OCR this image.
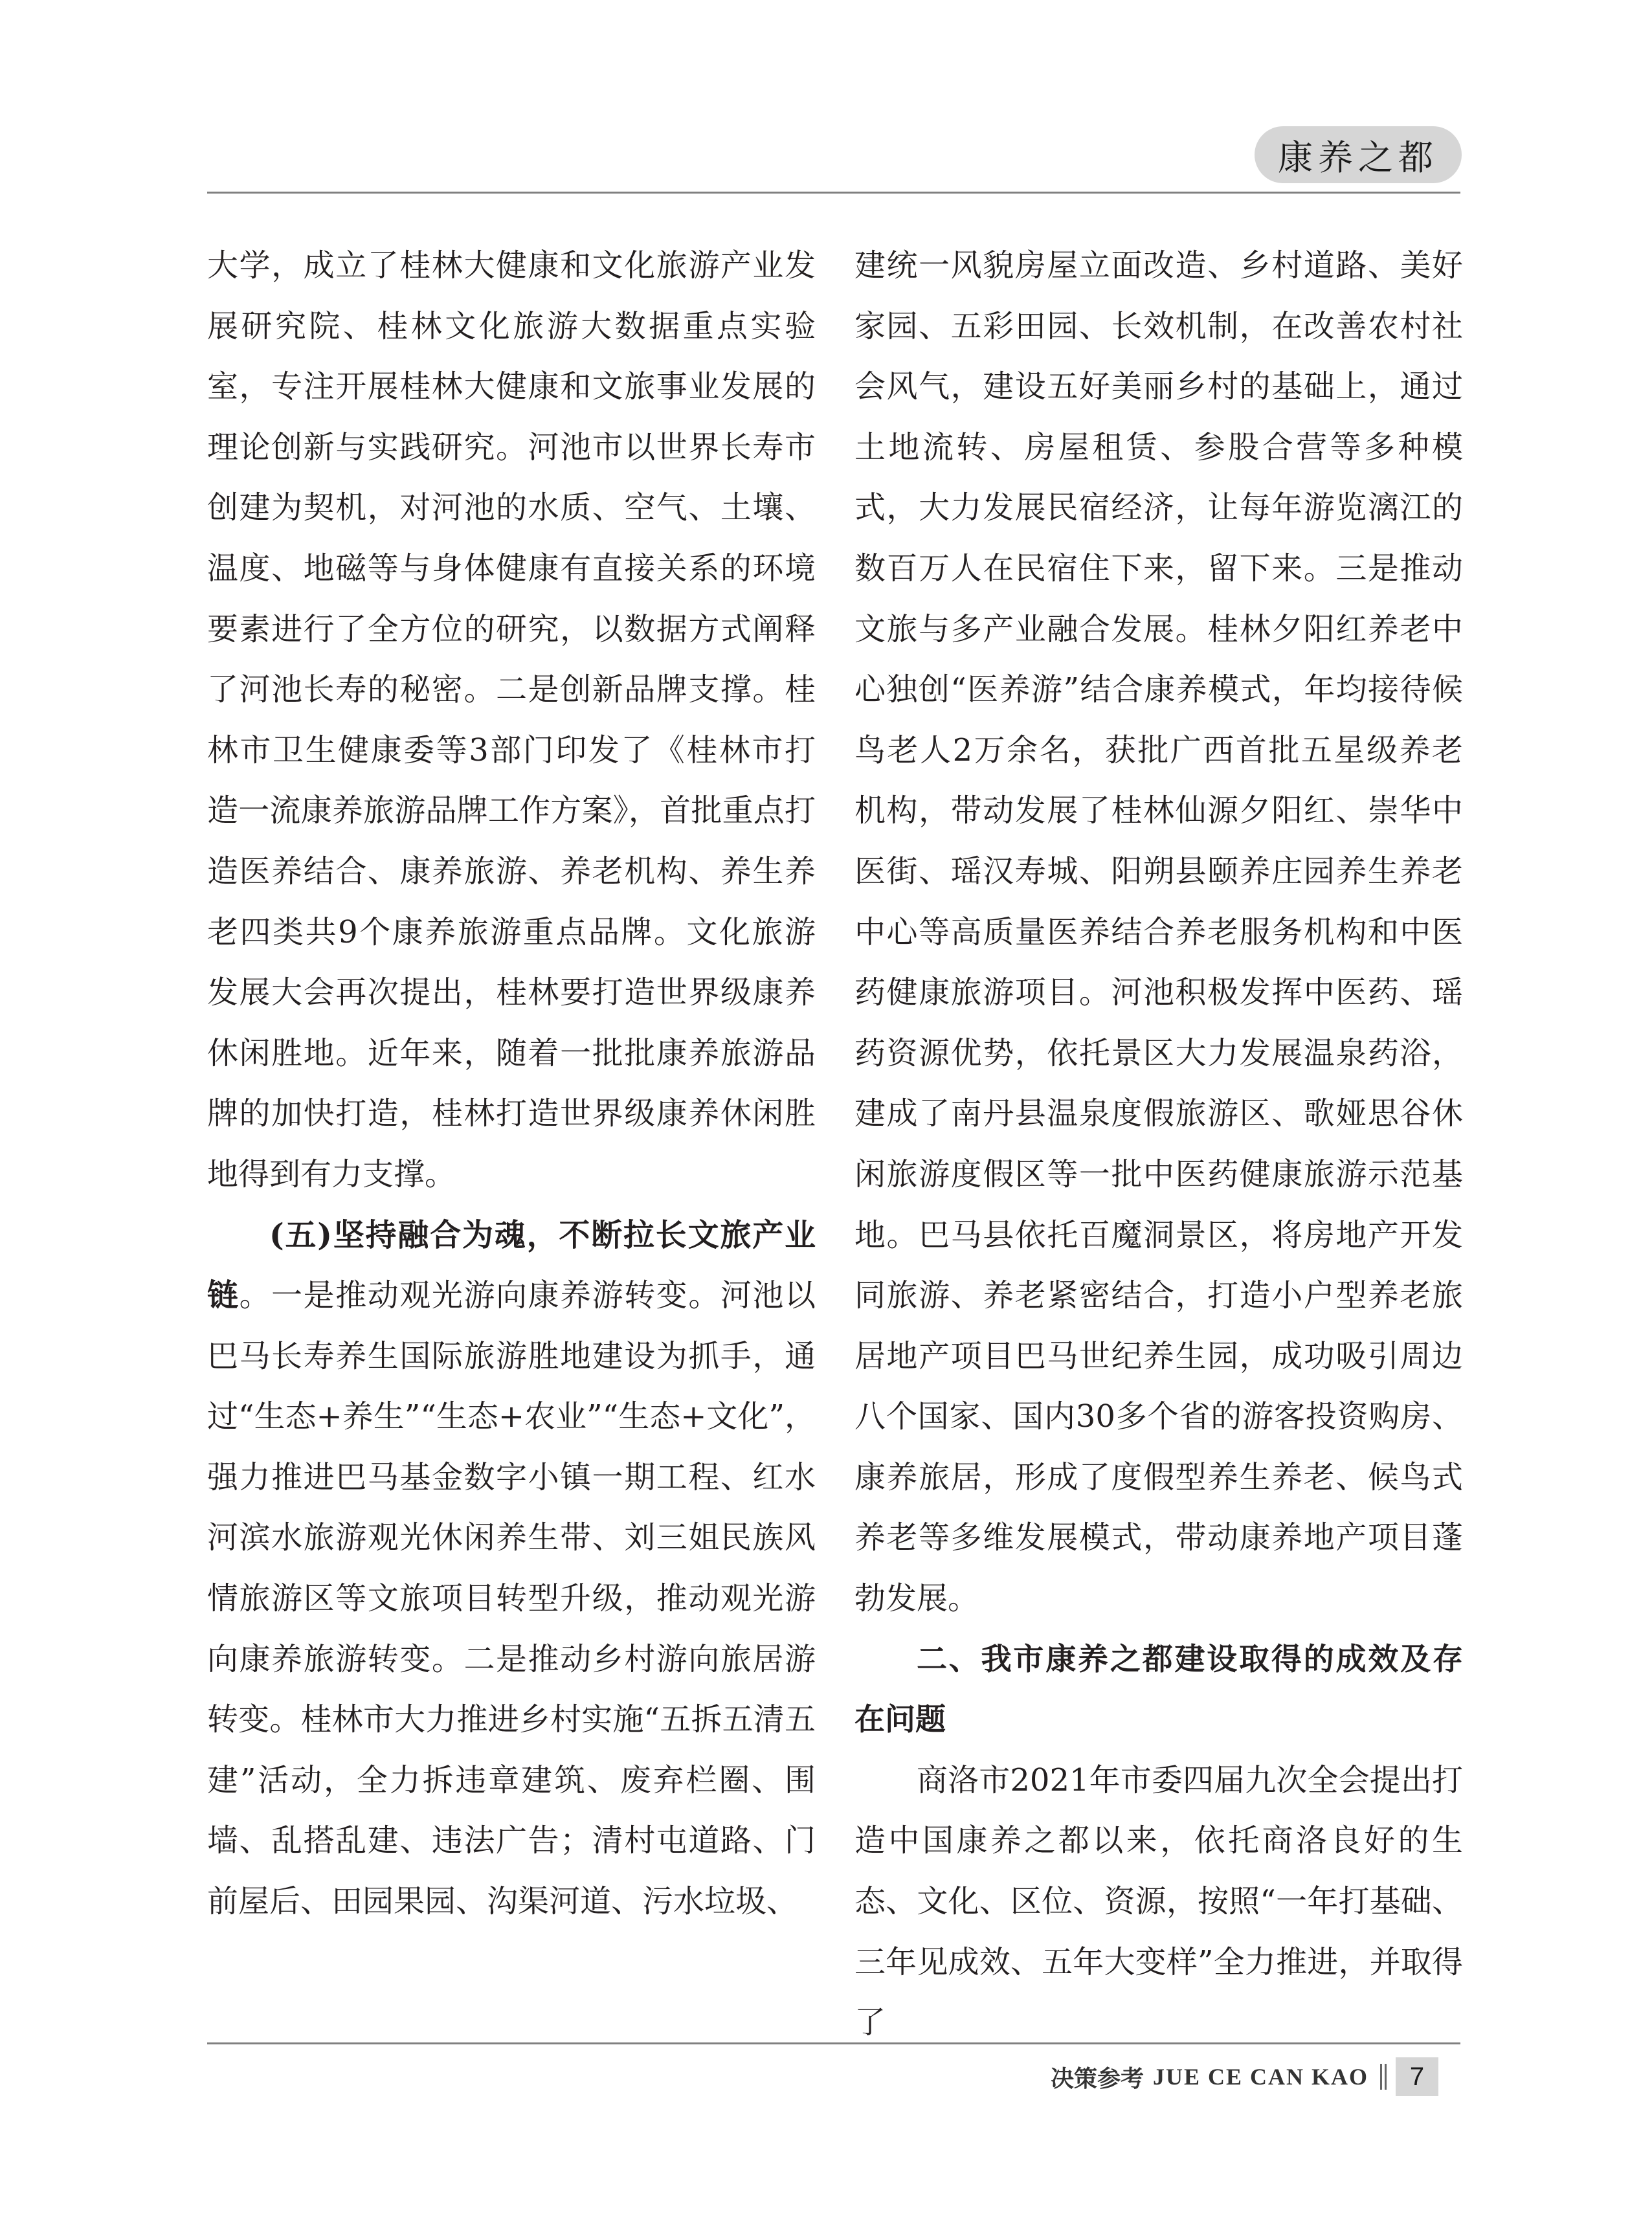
康养之都

大学，成立了桂林大健康和文化旅游产业发展研究院、桂林文化旅游大数据重点实验室，专注开展桂林大健康和文旅事业发展的理论创新与实践研究。河池市以世界长寿市创建为契机，对河池的水质、空气、土壤、温度、地磁等与身体健康有直接关系的环境要素进行了全方位的研究，以数据方式阐释了河池长寿的秘密。二是创新品牌支撑。桂林市卫生健康委等3部门印发了《桂林市打造一流康养旅游品牌工作方案》，首批重点打造医养结合、康养旅游、养老机构、养生养老四类共9个康养旅游重点品牌。文化旅游发展大会再次提出，桂林要打造世界级康养休闲胜地。近年来，随着一批批康养旅游品牌的加快打造，桂林打造世界级康养休闲胜地得到有力支撑。

(五)坚持融合为魂，不断拉长文旅产业链。一是推动观光游向康养游转变。河池以巴马长寿养生国际旅游胜地建设为抓手，通过“生态+养生”“生态+农业”“生态+文化”，强力推进巴马基金数字小镇一期工程、红水河滨水旅游观光休闲养生带、刘三姐民族风情旅游区等文旅项目转型升级，推动观光游向康养旅游转变。二是推动乡村游向旅居游转变。桂林市大力推进乡村实施“五拆五清五建”活动，全力拆违章建筑、废弃栏圈、围墙、乱搭乱建、违法广告；清村屯道路、门前屋后、田园果园、沟渠河道、污水垃圾、

建统一风貌房屋立面改造、乡村道路、美好家园、五彩田园、长效机制，在改善农村社会风气，建设五好美丽乡村的基础上，通过土地流转、房屋租赁、参股合营等多种模式，大力发展民宿经济，让每年游览漓江的数百万人在民宿住下来，留下来。三是推动文旅与多产业融合发展。桂林夕阳红养老中心独创“医养游”结合康养模式，年均接待候鸟老人2万余名，获批广西首批五星级养老机构，带动发展了桂林仙源夕阳红、崇华中医街、瑶汉寿城、阳朔县颐养庄园养生养老中心等高质量医养结合养老服务机构和中医药健康旅游项目。河池积极发挥中医药、瑶药资源优势，依托景区大力发展温泉药浴，建成了南丹县温泉度假旅游区、歌娅思谷休闲旅游度假区等一批中医药健康旅游示范基地。巴马县依托百魔洞景区，将房地产开发同旅游、养老紧密结合，打造小户型养老旅居地产项目巴马世纪养生园，成功吸引周边八个国家、国内30多个省的游客投资购房、康养旅居，形成了度假型养生养老、候鸟式养老等多维发展模式，带动康养地产项目蓬勃发展。

二、我市康养之都建设取得的成效及存在问题

商洛市2021年市委四届九次全会提出打造中国康养之都以来，依托商洛良好的生态、文化、区位、资源，按照“一年打基础、三年见成效、五年大变样”全力推进，并取得了

决策参考 JUE CE CAN KAO	7
